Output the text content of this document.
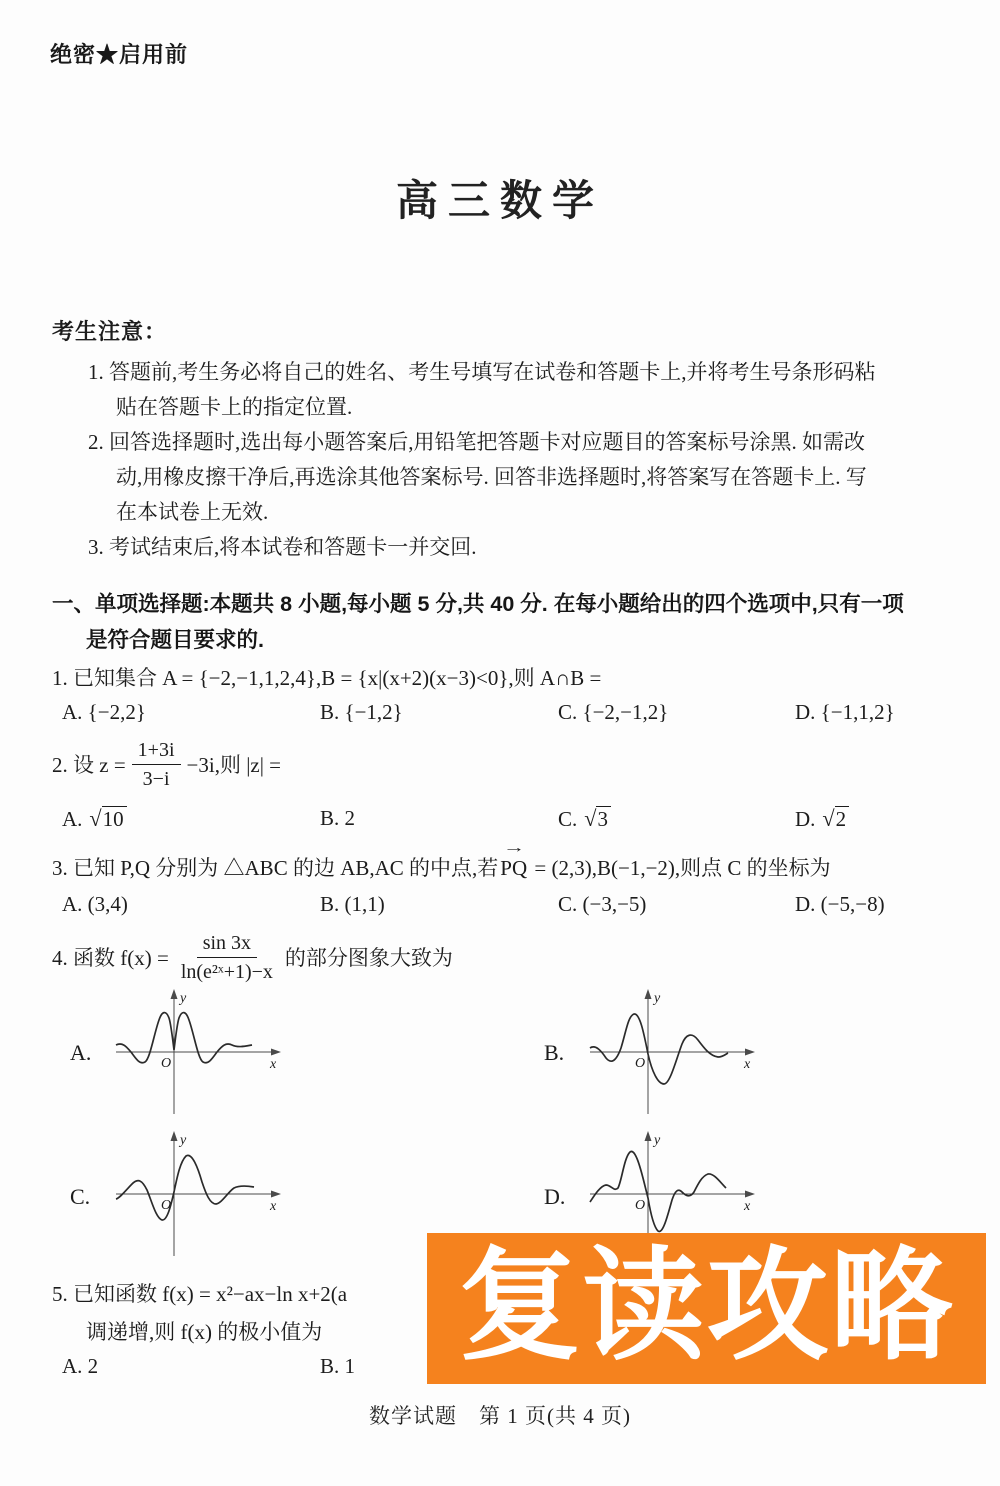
绝密★启用前
高三数学
考生注意：
1. 答题前,考生务必将自己的姓名、考生号填写在试卷和答题卡上,并将考生号条形码粘
贴在答题卡上的指定位置.
2. 回答选择题时,选出每小题答案后,用铅笔把答题卡对应题目的答案标号涂黑. 如需改
动,用橡皮擦干净后,再选涂其他答案标号. 回答非选择题时,将答案写在答题卡上. 写
在本试卷上无效.
3. 考试结束后,将本试卷和答题卡一并交回.
一、单项选择题:本题共 8 小题,每小题 5 分,共 40 分. 在每小题给出的四个选项中,只有一项
是符合题目要求的.
1. 已知集合 A = {−2,−1,1,2,4},B = {x|(x+2)(x−3)<0},则 A∩B =
A. {−2,2}	B. {−1,2}	C. {−2,−1,2}	D. {−1,1,2}
2. 设 $z = \frac{1+3i}{3-i} -3i$,则 |z| =
A. √ 10	B. 2	C. √ 3	D. √ 2
3. 已知 P,Q 分别为 △ABC 的边 AB,AC 的中点,若→ PQ = (2,3),B(−1,−2),则点 C 的坐标为
A. (3,4)	B. (1,1)	C. (−3,−5)	D. (−5,−8)
4. 函数 $f(x) = \frac{\sin 3x}{\text{ln(e²ˣ+1)−x}}$ 的部分图象大致为
A.
y
x
O	B.
y
x
O
C.
y
x
O	D.
y
x
O
5. 已知函数 f(x) = x²−ax−ln x+2(a
调递增,则 f(x) 的极小值为
A. 2	B. 1 复读攻略
数学试题　第 1 页(共 4 页)
